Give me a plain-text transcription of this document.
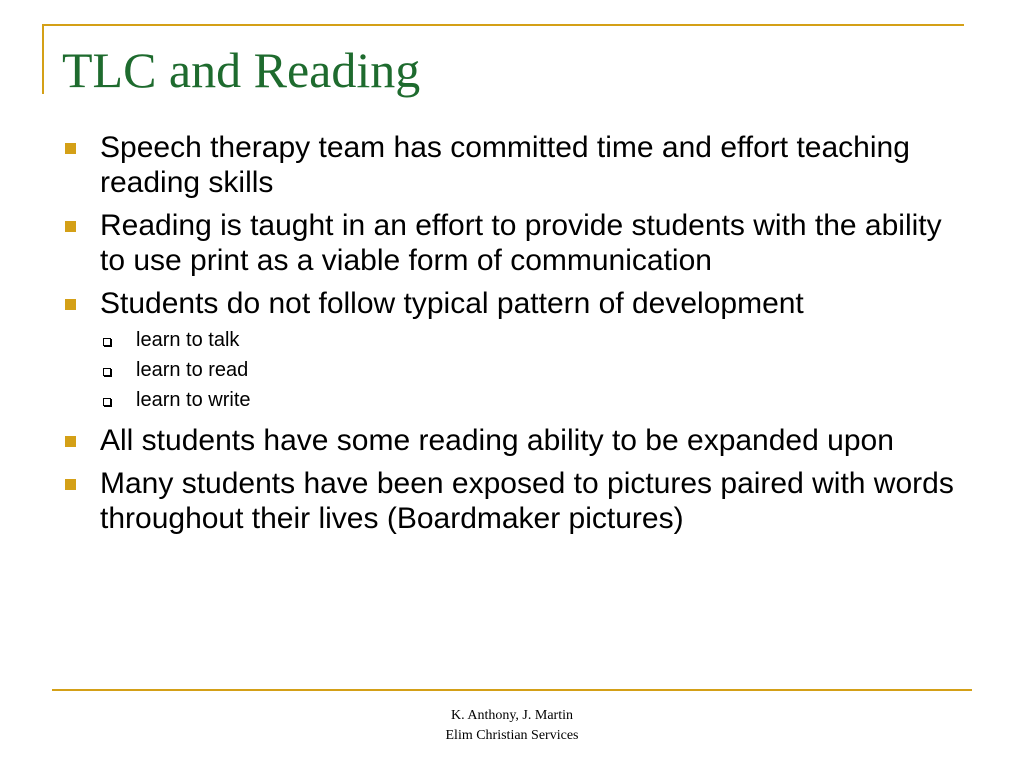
TLC and Reading
Speech therapy team has committed time and effort teaching reading skills
Reading is taught in an effort to provide students with the ability to use print as a viable form of communication
Students do not follow typical pattern of development
learn to talk
learn to read
learn to write
All students have some reading ability to be expanded upon
Many students have been exposed to pictures paired with words throughout their lives (Boardmaker pictures)
K. Anthony, J. Martin
Elim Christian Services
